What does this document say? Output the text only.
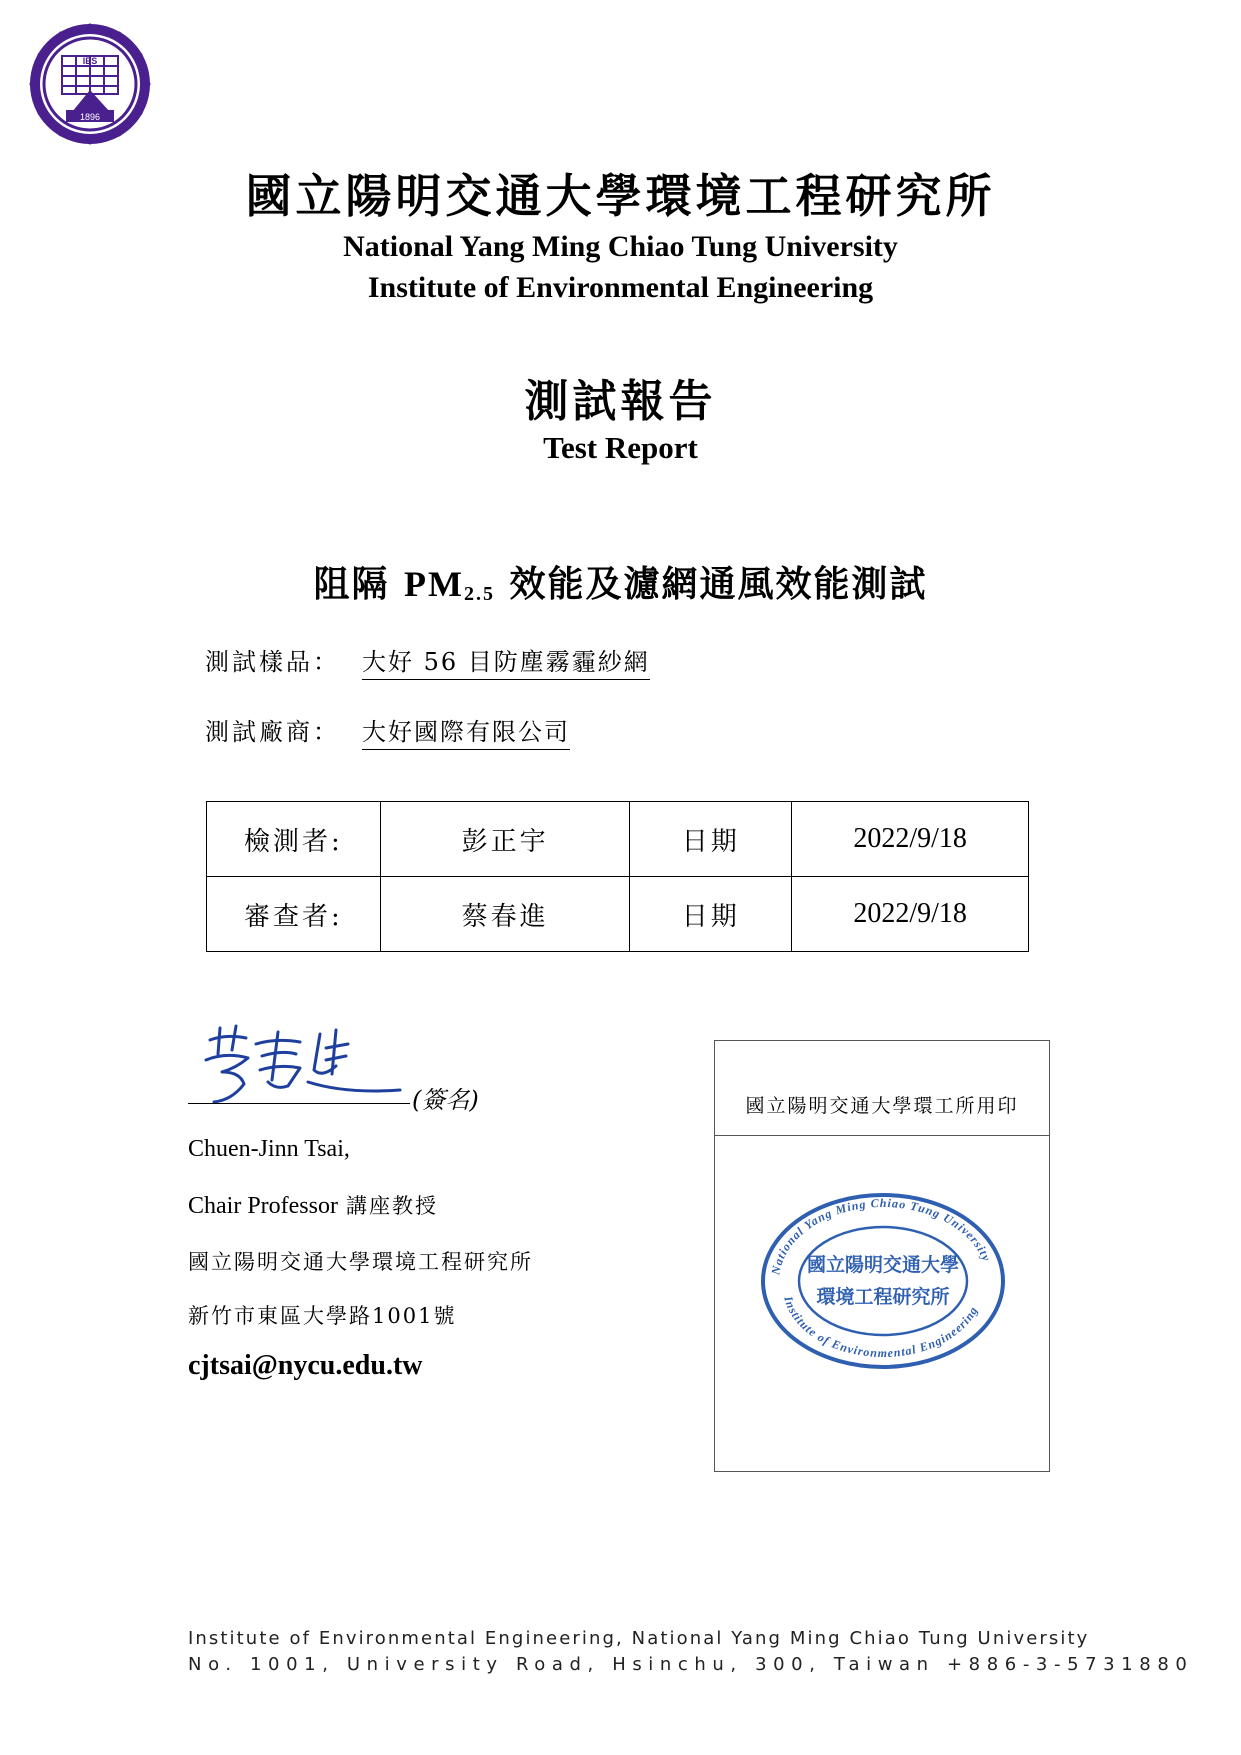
1896
IES
國立陽明交通大學環境工程研究所
National Yang Ming Chiao Tung University
Institute of Environmental Engineering
測試報告
Test Report
阻隔 $PM_{2.5}$ 效能及濾網通風效能測試
測試樣品： 大好 56 目防塵霧霾紗網
測試廠商： 大好國際有限公司
檢測者:	彭正宇	日期	2022/9/18
審查者:	蔡春進	日期	2022/9/18
(簽名)
Chuen-Jinn Tsai,
Chair Professor 講座教授
國立陽明交通大學環境工程研究所
新竹市東區大學路1001號
cjtsai@nycu.edu.tw
國立陽明交通大學環工所用印
National Yang Ming Chiao Tung University
Institute of Environmental Engineering
國立陽明交通大學
環境工程研究所
Institute of Environmental Engineering, National Yang Ming Chiao Tung University
No. 1001, University Road, Hsinchu, 300, Taiwan +886-3-5731880
